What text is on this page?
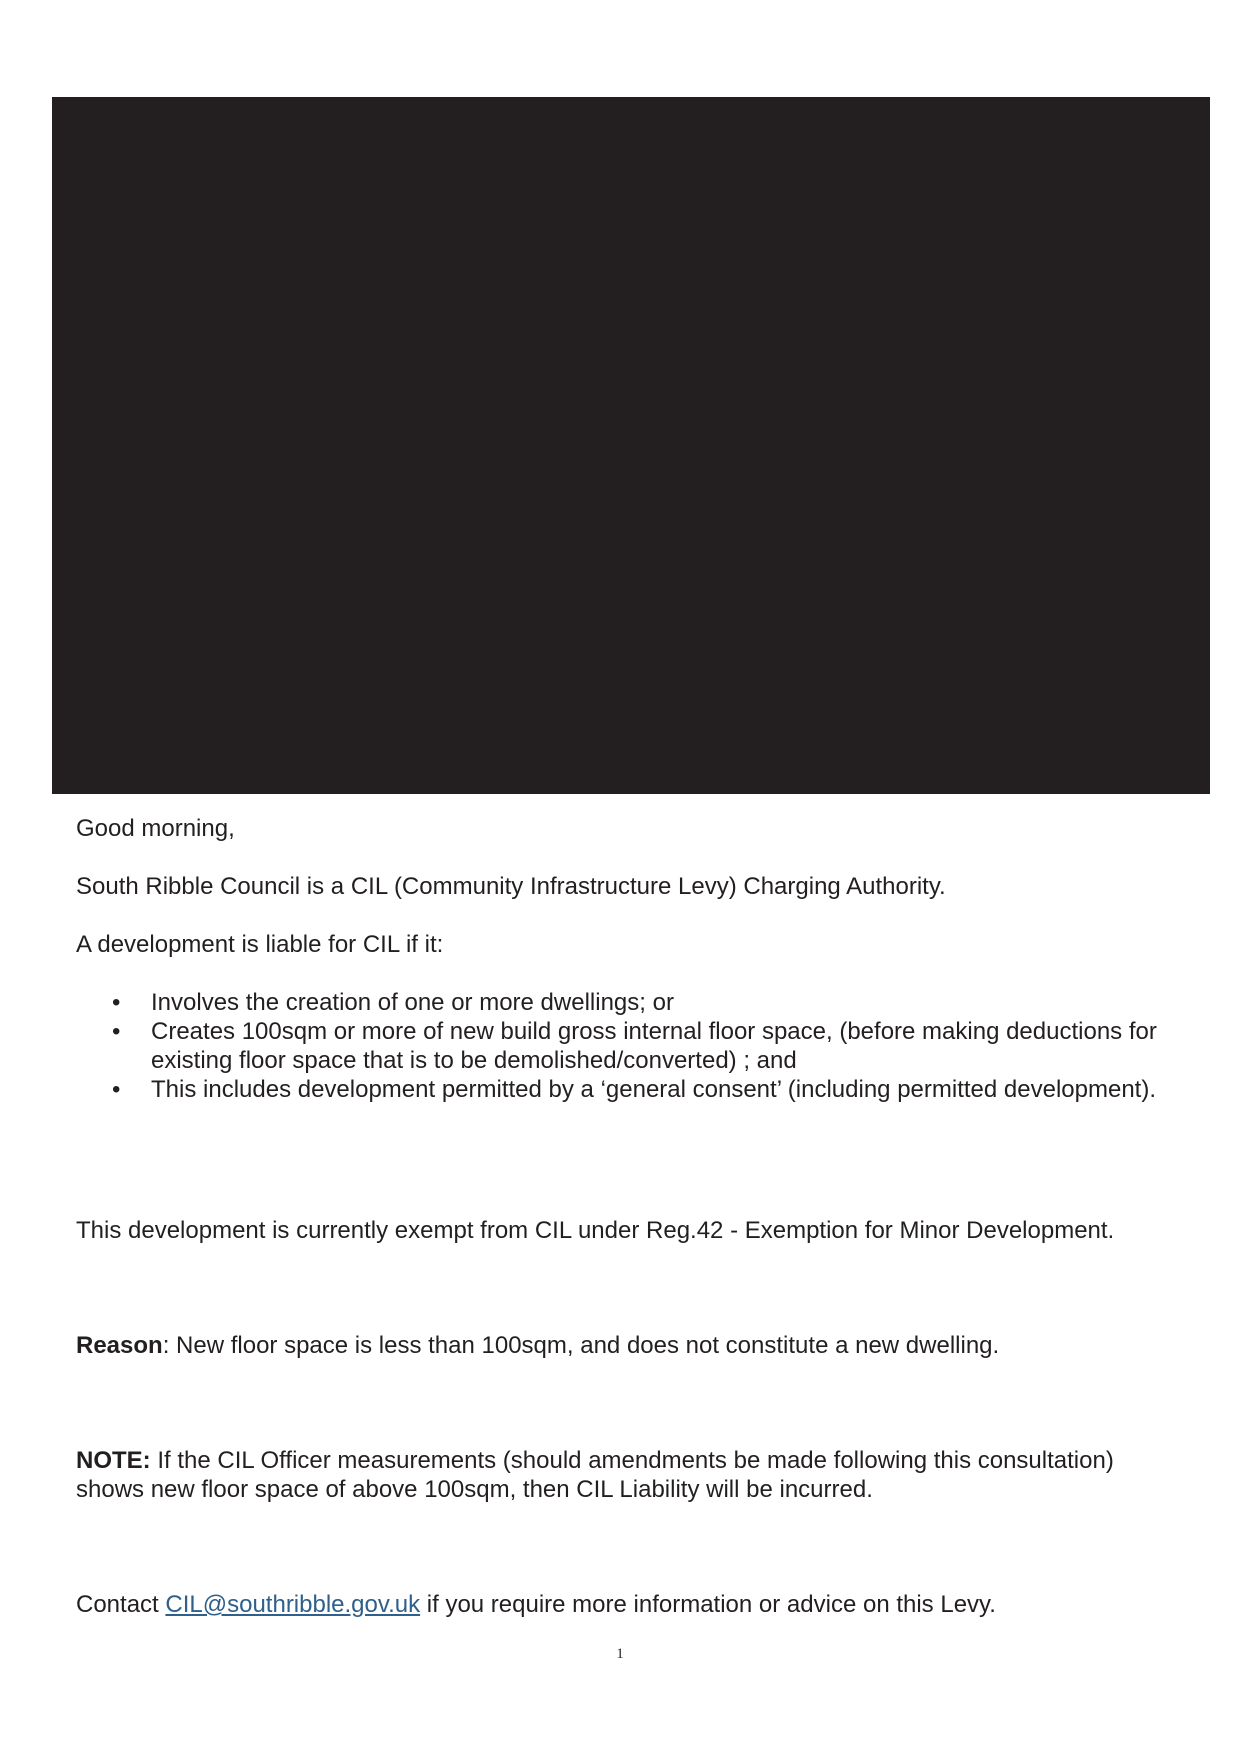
Good morning,

South Ribble Council is a CIL (Community Infrastructure Levy) Charging Authority.

A development is liable for CIL if it:

• Involves the creation of one or more dwellings; or
• Creates 100sqm or more of new build gross internal floor space, (before making deductions for existing floor space that is to be demolished/converted) ; and
• This includes development permitted by a ‘general consent’ (including permitted development).

This development is currently exempt from CIL under Reg.42 - Exemption for Minor Development.

Reason: New floor space is less than 100sqm, and does not constitute a new dwelling.

NOTE: If the CIL Officer measurements (should amendments be made following this consultation) shows new floor space of above 100sqm, then CIL Liability will be incurred.

Contact CIL@southribble.gov.uk if you require more information or advice on this Levy.

1
